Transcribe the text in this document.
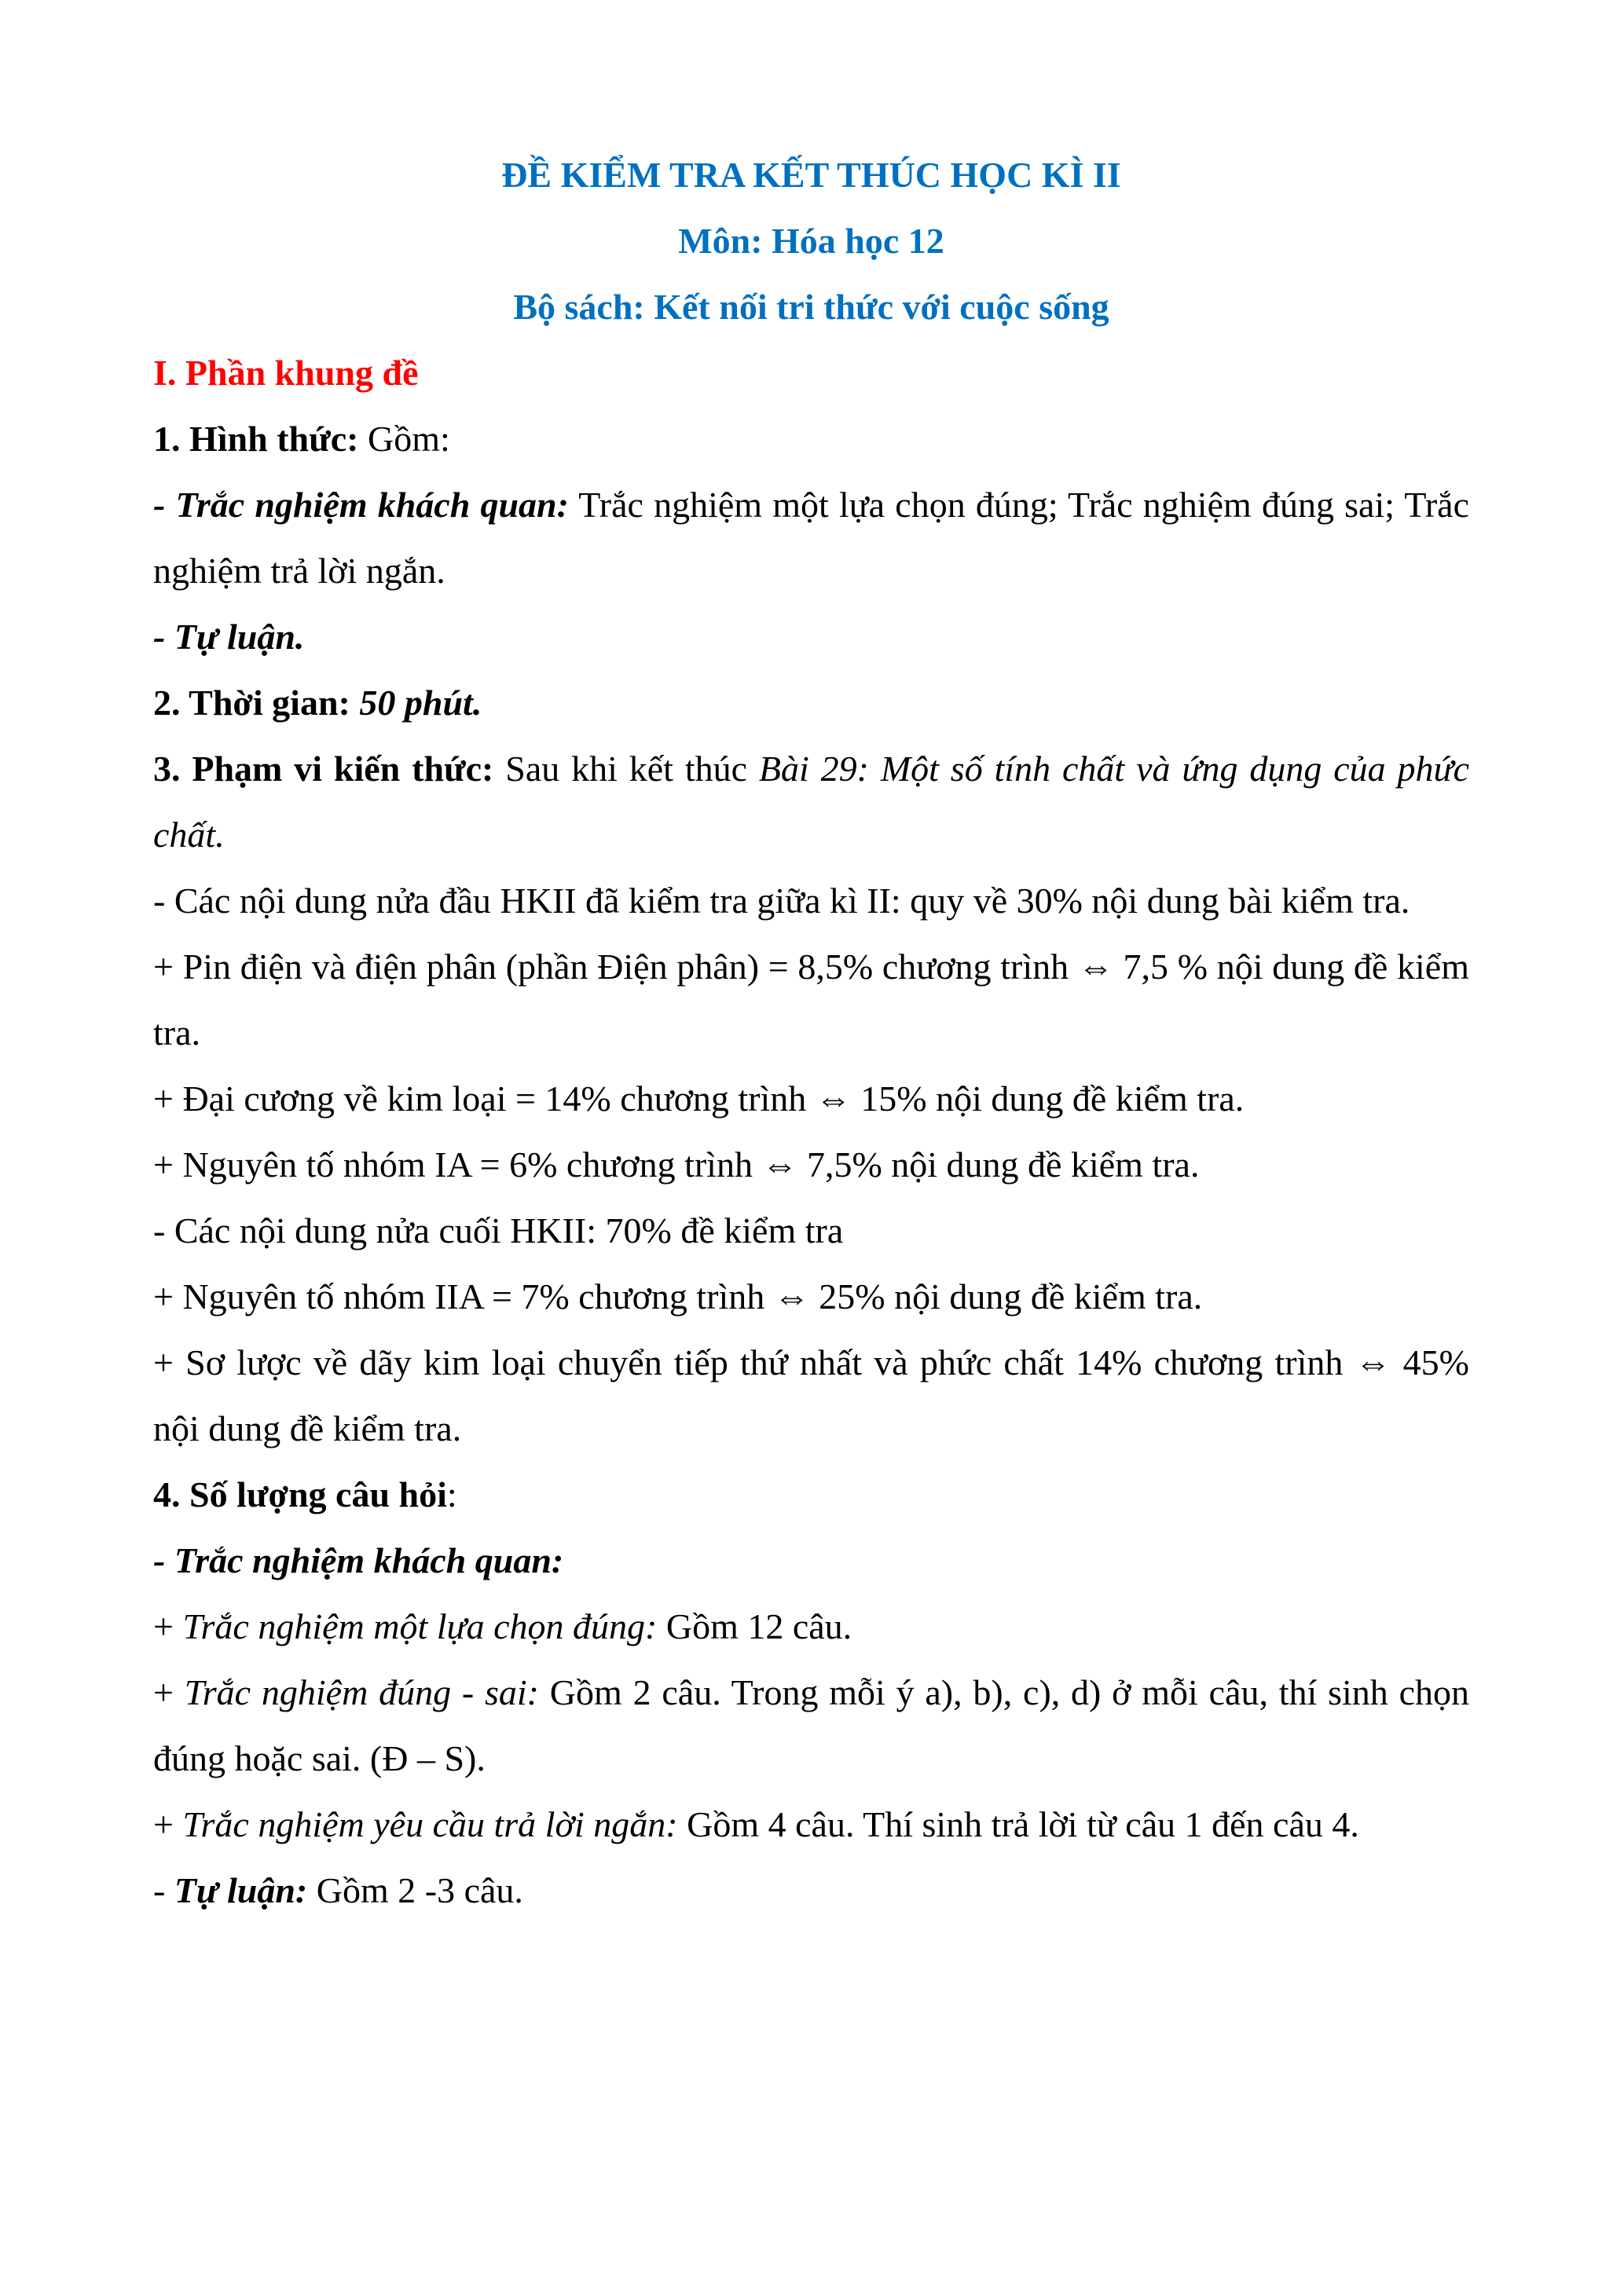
ĐỀ KIỂM TRA KẾT THÚC HỌC KÌ II
Môn: Hóa học 12
Bộ sách: Kết nối tri thức với cuộc sống
I. Phần khung đề

1. Hình thức: Gồm:

- Trắc nghiệm khách quan: Trắc nghiệm một lựa chọn đúng; Trắc nghiệm đúng sai; Trắc nghiệm trả lời ngắn.

- Tự luận.

2. Thời gian: 50 phút.

3. Phạm vi kiến thức: Sau khi kết thúc Bài 29: Một số tính chất và ứng dụng của phức chất.

- Các nội dung nửa đầu HKII đã kiểm tra giữa kì II: quy về 30% nội dung bài kiểm tra.

+ Pin điện và điện phân (phần Điện phân) = 8,5% chương trình ⇔ 7,5 % nội dung đề kiểm tra.

+ Đại cương về kim loại = 14% chương trình ⇔ 15% nội dung đề kiểm tra.

+ Nguyên tố nhóm IA = 6% chương trình ⇔ 7,5% nội dung đề kiểm tra.

- Các nội dung nửa cuối HKII: 70% đề kiểm tra

+ Nguyên tố nhóm IIA = 7% chương trình ⇔ 25% nội dung đề kiểm tra.

+ Sơ lược về dãy kim loại chuyển tiếp thứ nhất và phức chất 14% chương trình ⇔ 45% nội dung đề kiểm tra.

4. Số lượng câu hỏi:

- Trắc nghiệm khách quan:

+ Trắc nghiệm một lựa chọn đúng: Gồm 12 câu.

+ Trắc nghiệm đúng - sai: Gồm 2 câu. Trong mỗi ý a), b), c), d) ở mỗi câu, thí sinh chọn đúng hoặc sai. (Đ – S).

+ Trắc nghiệm yêu cầu trả lời ngắn: Gồm 4 câu. Thí sinh trả lời từ câu 1 đến câu 4.

- Tự luận: Gồm 2 -3 câu.
